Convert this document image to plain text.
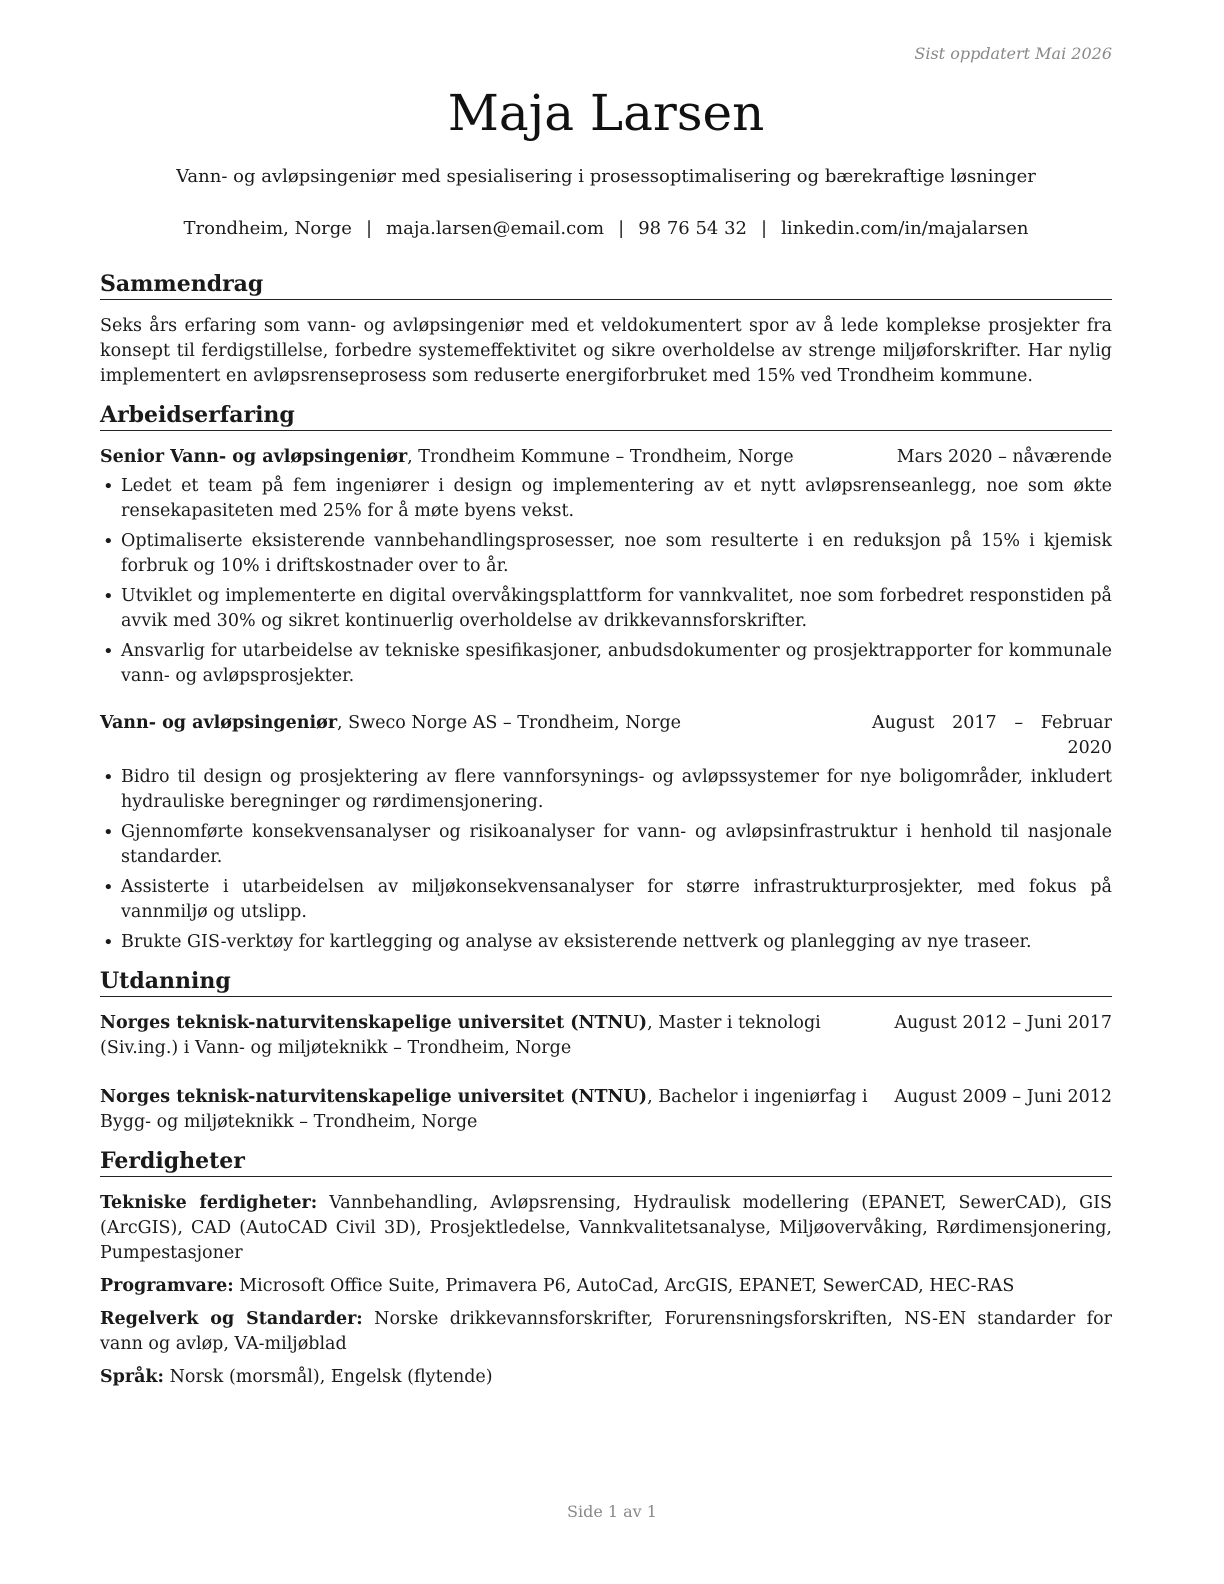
Sist oppdatert Mai 2026
Maja Larsen
Vann- og avløpsingeniør med spesialisering i prosessoptimalisering og bærekraftige løsninger
Trondheim, Norge | maja.larsen@email.com | 98 76 54 32 | linkedin.com/in/majalarsen
Sammendrag

Seks års erfaring som vann- og avløpsingeniør med et veldokumentert spor av å lede komplekse prosjekter fra konsept til ferdigstillelse, forbedre systemeffektivitet og sikre overholdelse av strenge miljøforskrifter. Har nylig implementert en avløpsrenseprosess som reduserte energiforbruket med 15% ved Trondheim kommune.

Arbeidserfaring
Senior Vann- og avløpsingeniør, Trondheim Kommune – Trondheim, Norge	Mars 2020 – nåværende
• Ledet et team på fem ingeniører i design og implementering av et nytt avløpsrenseanlegg, noe som økte rensekapasiteten med 25% for å møte byens vekst.
• Optimaliserte eksisterende vannbehandlingsprosesser, noe som resulterte i en reduksjon på 15% i kjemisk forbruk og 10% i driftskostnader over to år.
• Utviklet og implementerte en digital overvåkingsplattform for vannkvalitet, noe som forbedret responstiden på avvik med 30% og sikret kontinuerlig overholdelse av drikkevannsforskrifter.
• Ansvarlig for utarbeidelse av tekniske spesifikasjoner, anbudsdokumenter og prosjektrapporter for kommunale vann- og avløpsprosjekter.
Vann- og avløpsingeniør, Sweco Norge AS – Trondheim, Norge	August 2017 – Februar 2020
• Bidro til design og prosjektering av flere vannforsynings- og avløpssystemer for nye boligområder, inkludert hydrauliske beregninger og rørdimensjonering.
• Gjennomførte konsekvensanalyser og risikoanalyser for vann- og avløpsinfrastruktur i henhold til nasjonale standarder.
• Assisterte i utarbeidelsen av miljøkonsekvensanalyser for større infrastrukturprosjekter, med fokus på vannmiljø og utslipp.
• Brukte GIS-verktøy for kartlegging og analyse av eksisterende nettverk og planlegging av nye traseer.
Utdanning
Norges teknisk-naturvitenskapelige universitet (NTNU), Master i teknologi (Siv.ing.) i Vann- og miljøteknikk – Trondheim, Norge
August 2012 – Juni 2017
Norges teknisk-naturvitenskapelige universitet (NTNU), Bachelor i ingeniørfag i Bygg- og miljøteknikk – Trondheim, Norge
August 2009 – Juni 2012
Ferdigheter
Tekniske ferdigheter: Vannbehandling, Avløpsrensing, Hydraulisk modellering (EPANET, SewerCAD), GIS (ArcGIS), CAD (AutoCAD Civil 3D), Prosjektledelse, Vannkvalitetsanalyse, Miljøovervåking, Rørdimensjonering, Pumpestasjoner
Programvare: Microsoft Office Suite, Primavera P6, AutoCad, ArcGIS, EPANET, SewerCAD, HEC-RAS
Regelverk og Standarder: Norske drikkevannsforskrifter, Forurensningsforskriften, NS-EN standarder for vann og avløp, VA-miljøblad
Språk: Norsk (morsmål), Engelsk (flytende)
Side 1 av 1
